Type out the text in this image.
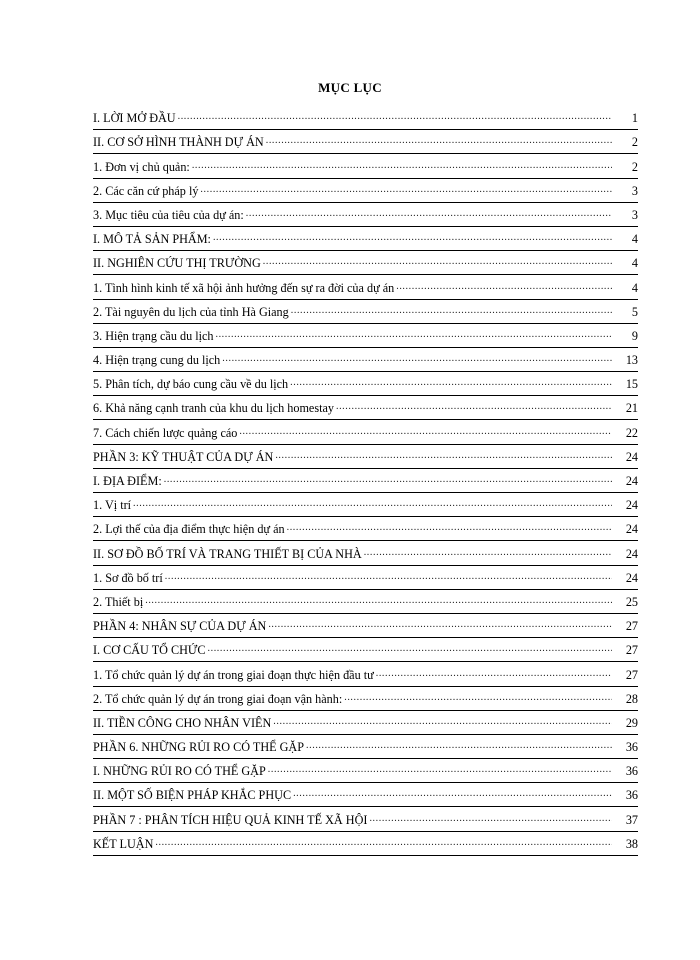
MỤC LỤC
I. LỜI MỞ ĐẦU .....	1
II. CƠ SỞ HÌNH THÀNH DỰ ÁN .....	2
1. Đơn vị chủ quản: .....	2
2. Các căn cứ pháp lý .....	3
3. Mục tiêu của tiêu của dự án: .....	3
I. MÔ TẢ SẢN PHẨM: .....	4
II. NGHIÊN CỨU THỊ TRƯỜNG .....	4
1. Tình hình kinh tế xã hội ảnh hưởng đến sự ra đời của dự án .....	4
2. Tài nguyên du lịch của tỉnh Hà Giang .....	5
3. Hiện trạng cầu du lịch .....	9
4. Hiện trạng cung du lịch .....	13
5. Phân tích, dự báo cung cầu về du lịch .....	15
6. Khả năng cạnh tranh của khu du lịch homestay .....	21
7. Cách chiến lược quảng cáo .....	22
PHẦN 3: KỸ THUẬT CỦA DỰ ÁN .....	24
I. ĐỊA ĐIỂM: .....	24
1. Vị trí .....	24
2. Lợi thế của địa điểm thực hiện dự án .....	24
II. SƠ ĐỒ BỐ TRÍ VÀ TRANG THIẾT BỊ CỦA NHÀ .....	24
1. Sơ đồ bố trí .....	24
2. Thiết bị .....	25
PHẦN 4: NHÂN SỰ CỦA DỰ ÁN .....	27
I. CƠ CẤU TỔ CHỨC .....	27
1. Tổ chức quản lý dự án trong giai đoạn thực hiện đầu tư .....	27
2. Tổ chức quản lý dự án trong giai đoạn vận hành: .....	28
II. TIỀN CÔNG CHO NHÂN VIÊN .....	29
PHẦN 6. NHỮNG RỦI RO CÓ THỂ GẶP .....	36
I. NHỮNG RỦI RO CÓ THỂ GẶP .....	36
II. MỘT SỐ BIỆN PHÁP KHẮC PHỤC .....	36
PHẦN 7 : PHÂN TÍCH HIỆU QUẢ KINH TẾ XÃ HỘI .....	37
KẾT LUẬN .....	38
